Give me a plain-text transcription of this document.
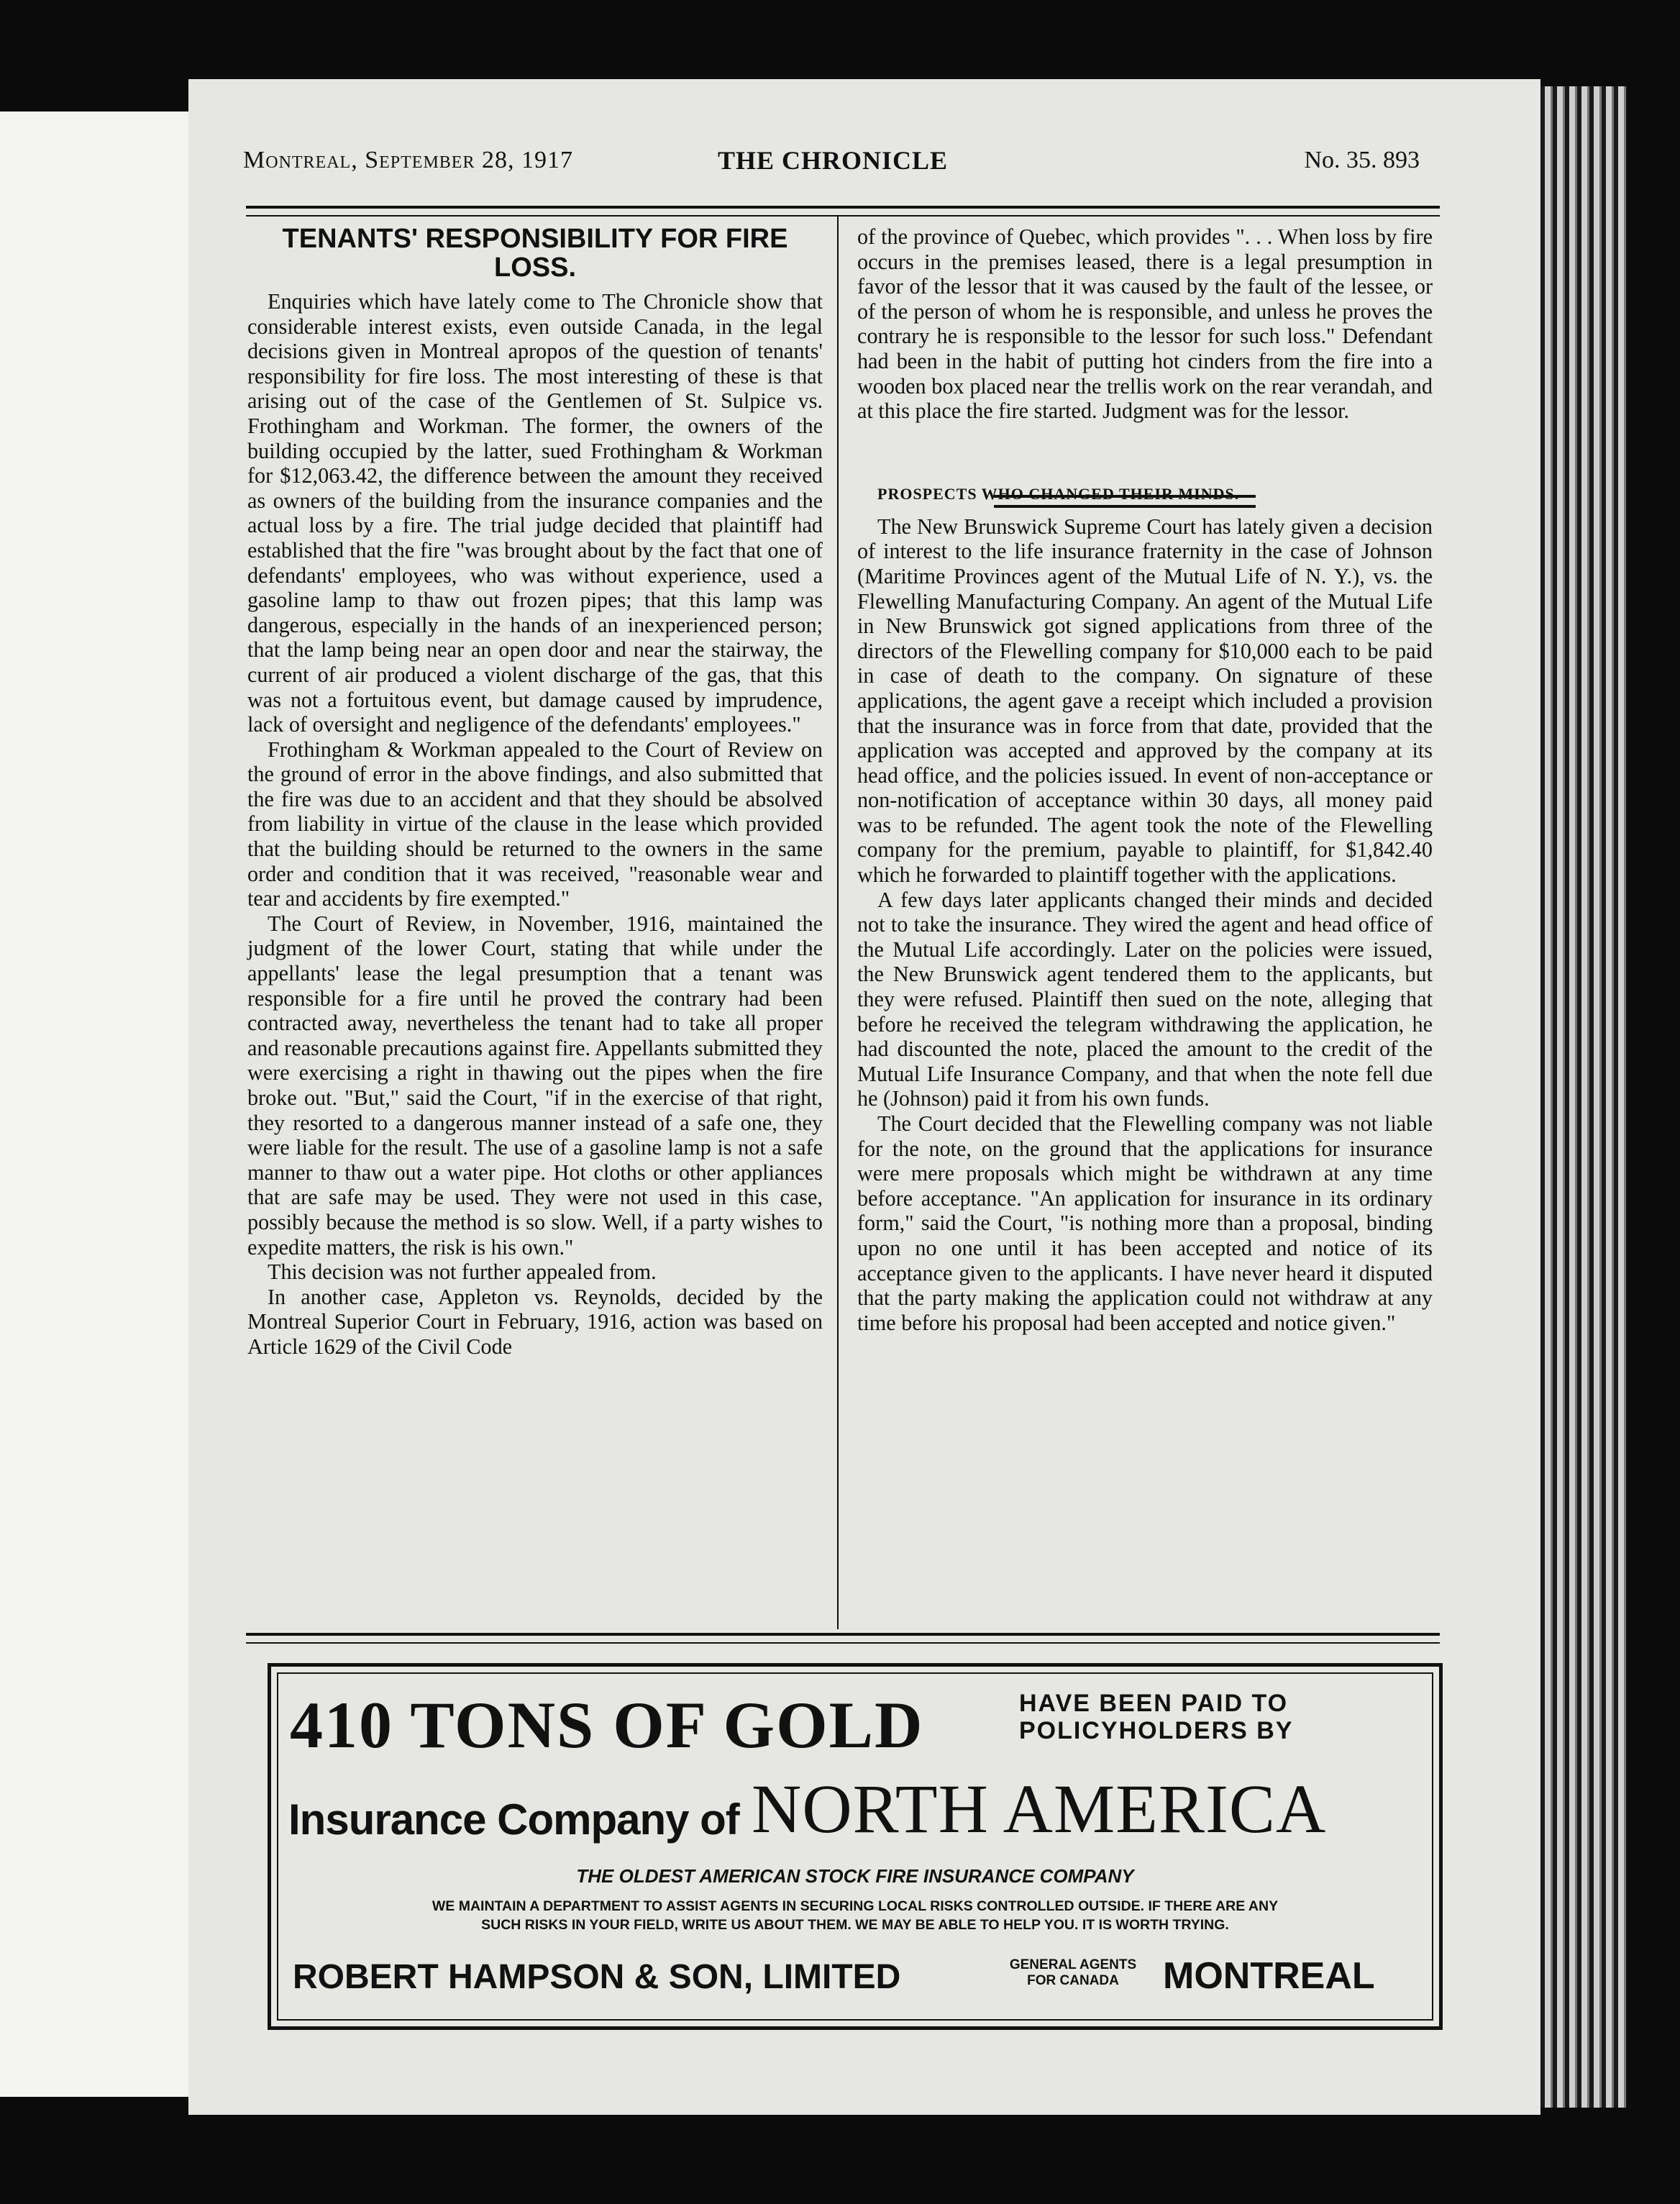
Montreal, September 28, 1917	THE CHRONICLE	No. 35. 893
TENANTS' RESPONSIBILITY FOR FIRE LOSS.

Enquiries which have lately come to The Chronicle show that considerable interest exists, even outside Canada, in the legal decisions given in Montreal apropos of the question of tenants' responsibility for fire loss. The most interesting of these is that arising out of the case of the Gentlemen of St. Sulpice vs. Frothingham and Workman. The former, the owners of the building occupied by the latter, sued Frothingham & Workman for $12,063.42, the difference between the amount they received as owners of the building from the insurance companies and the actual loss by a fire. The trial judge decided that plaintiff had established that the fire "was brought about by the fact that one of defendants' employees, who was without experience, used a gasoline lamp to thaw out frozen pipes; that this lamp was dangerous, especially in the hands of an inexperienced person; that the lamp being near an open door and near the stairway, the current of air produced a violent discharge of the gas, that this was not a fortuitous event, but damage caused by imprudence, lack of oversight and negligence of the defendants' employees."

Frothingham & Workman appealed to the Court of Review on the ground of error in the above findings, and also submitted that the fire was due to an accident and that they should be absolved from liability in virtue of the clause in the lease which provided that the building should be returned to the owners in the same order and condition that it was received, "reasonable wear and tear and accidents by fire exempted."

The Court of Review, in November, 1916, maintained the judgment of the lower Court, stating that while under the appellants' lease the legal presumption that a tenant was responsible for a fire until he proved the contrary had been contracted away, nevertheless the tenant had to take all proper and reasonable precautions against fire. Appellants submitted they were exercising a right in thawing out the pipes when the fire broke out. "But," said the Court, "if in the exercise of that right, they resorted to a dangerous manner instead of a safe one, they were liable for the result. The use of a gasoline lamp is not a safe manner to thaw out a water pipe. Hot cloths or other appliances that are safe may be used. They were not used in this case, possibly because the method is so slow. Well, if a party wishes to expedite matters, the risk is his own."

This decision was not further appealed from.

In another case, Appleton vs. Reynolds, decided by the Montreal Superior Court in February, 1916, action was based on Article 1629 of the Civil Code

of the province of Quebec, which provides ". . . When loss by fire occurs in the premises leased, there is a legal presumption in favor of the lessor that it was caused by the fault of the lessee, or of the person of whom he is responsible, and unless he proves the contrary he is responsible to the lessor for such loss." Defendant had been in the habit of putting hot cinders from the fire into a wooden box placed near the trellis work on the rear verandah, and at this place the fire started. Judgment was for the lessor.

PROSPECTS WHO CHANGED THEIR MINDS.

The New Brunswick Supreme Court has lately given a decision of interest to the life insurance fraternity in the case of Johnson (Maritime Provinces agent of the Mutual Life of N. Y.), vs. the Flewelling Manufacturing Company. An agent of the Mutual Life in New Brunswick got signed applications from three of the directors of the Flewelling company for $10,000 each to be paid in case of death to the company. On signature of these applications, the agent gave a receipt which included a provision that the insurance was in force from that date, provided that the application was accepted and approved by the company at its head office, and the policies issued. In event of non-acceptance or non-notification of acceptance within 30 days, all money paid was to be refunded. The agent took the note of the Flewelling company for the premium, payable to plaintiff, for $1,842.40 which he forwarded to plaintiff together with the applications.

A few days later applicants changed their minds and decided not to take the insurance. They wired the agent and head office of the Mutual Life accordingly. Later on the policies were issued, the New Brunswick agent tendered them to the applicants, but they were refused. Plaintiff then sued on the note, alleging that before he received the telegram withdrawing the application, he had discounted the note, placed the amount to the credit of the Mutual Life Insurance Company, and that when the note fell due he (Johnson) paid it from his own funds.

The Court decided that the Flewelling company was not liable for the note, on the ground that the applications for insurance were mere proposals which might be withdrawn at any time before acceptance. "An application for insurance in its ordinary form," said the Court, "is nothing more than a proposal, binding upon no one until it has been accepted and notice of its acceptance given to the applicants. I have never heard it disputed that the party making the application could not withdraw at any time before his proposal had been accepted and notice given."

410 TONS OF GOLD	HAVE BEEN PAID TO
POLICYHOLDERS BY
Insurance Company of NORTH AMERICA
THE OLDEST AMERICAN STOCK FIRE INSURANCE COMPANY
WE MAINTAIN A DEPARTMENT TO ASSIST AGENTS IN SECURING LOCAL RISKS CONTROLLED OUTSIDE. IF THERE ARE ANY
SUCH RISKS IN YOUR FIELD, WRITE US ABOUT THEM. WE MAY BE ABLE TO HELP YOU. IT IS WORTH TRYING.
ROBERT HAMPSON & SON, LIMITED	GENERAL AGENTS
FOR CANADA	MONTREAL
